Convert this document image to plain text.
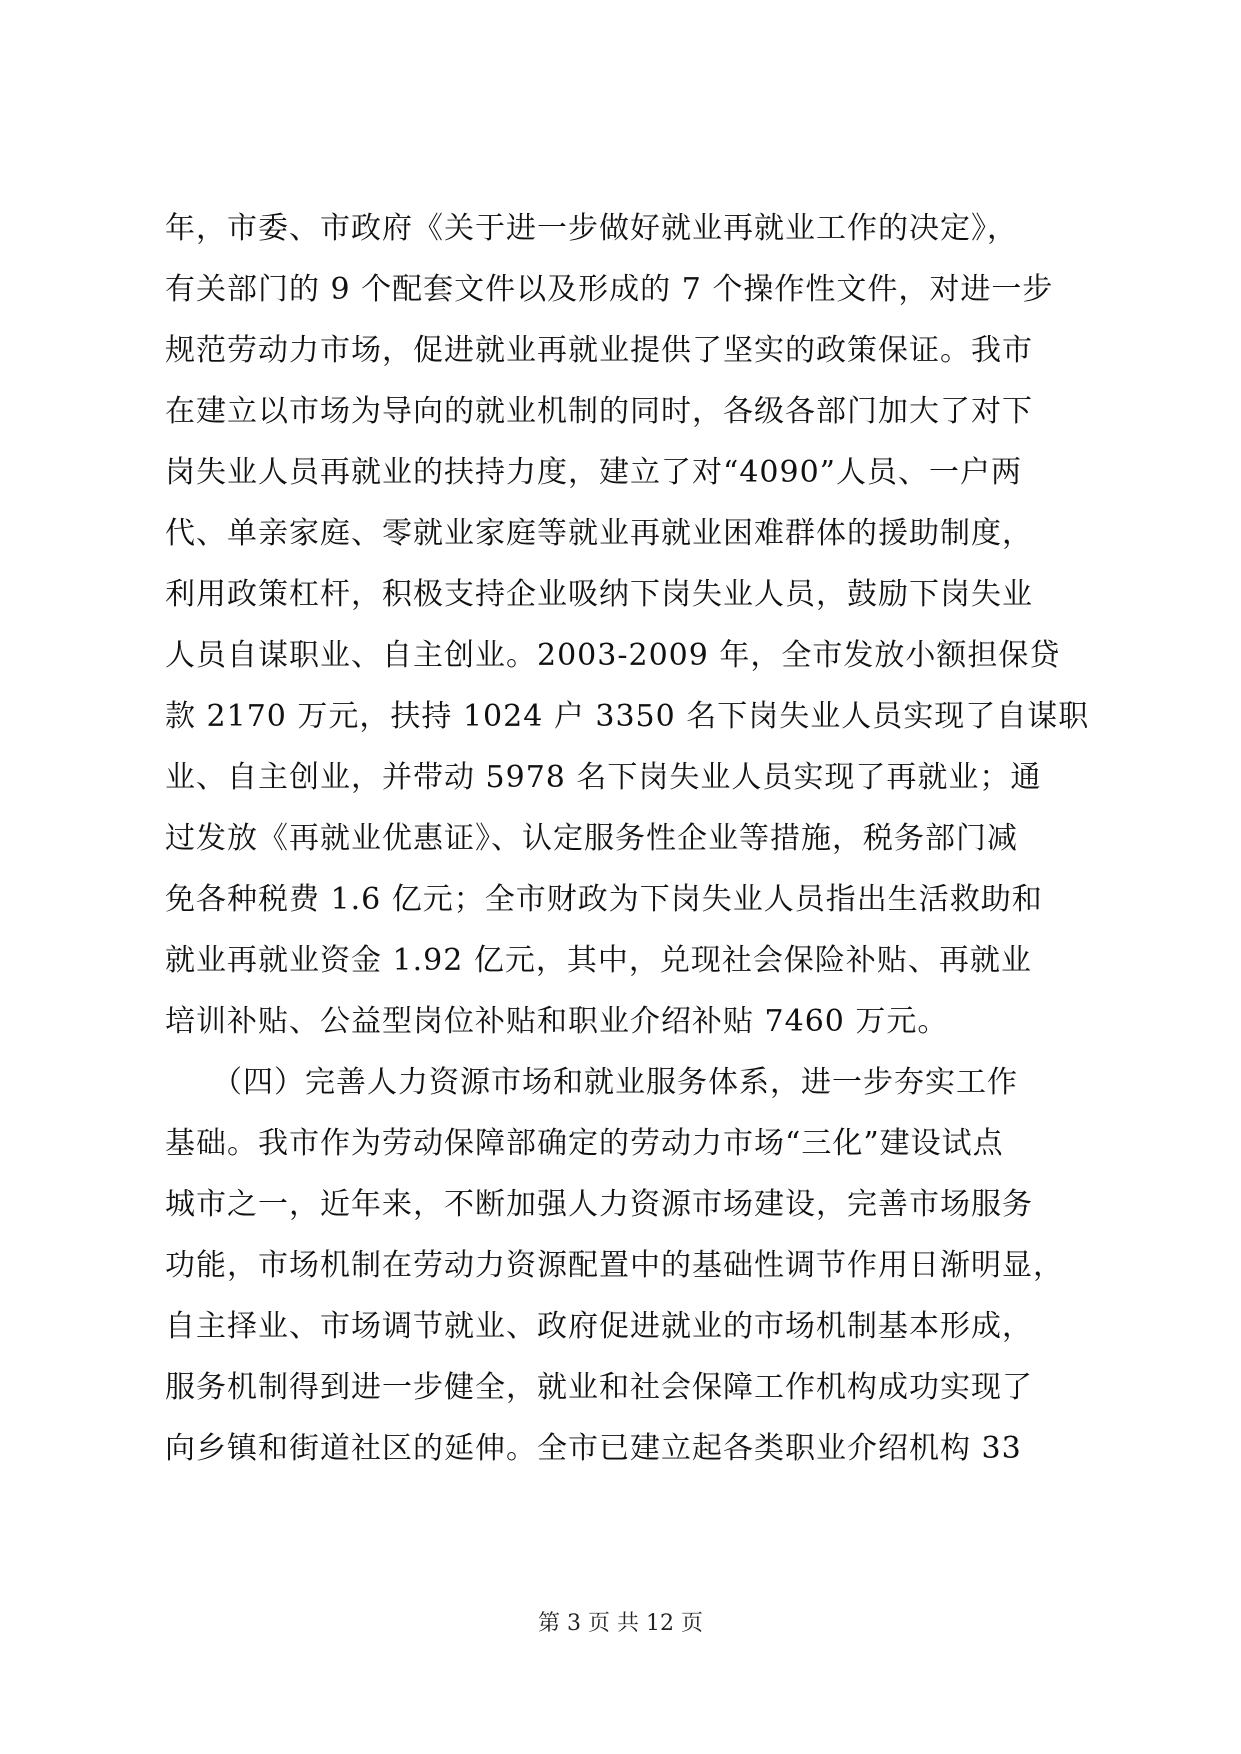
年，市委、市政府《关于进一步做好就业再就业工作的决定》，
有关部门的 9 个配套文件以及形成的 7 个操作性文件，对进一步
规范劳动力市场，促进就业再就业提供了坚实的政策保证。我市
在建立以市场为导向的就业机制的同时，各级各部门加大了对下
岗失业人员再就业的扶持力度，建立了对“4090”人员、一户两
代、单亲家庭、零就业家庭等就业再就业困难群体的援助制度，
利用政策杠杆，积极支持企业吸纳下岗失业人员，鼓励下岗失业
人员自谋职业、自主创业。2003-2009 年，全市发放小额担保贷
款 2170 万元，扶持 1024 户 3350 名下岗失业人员实现了自谋职
业、自主创业，并带动 5978 名下岗失业人员实现了再就业；通
过发放《再就业优惠证》、认定服务性企业等措施，税务部门减
免各种税费 1.6 亿元；全市财政为下岗失业人员指出生活救助和
就业再就业资金 1.92 亿元，其中，兑现社会保险补贴、再就业
培训补贴、公益型岗位补贴和职业介绍补贴 7460 万元。
　　（四）完善人力资源市场和就业服务体系，进一步夯实工作
基础。我市作为劳动保障部确定的劳动力市场“三化”建设试点
城市之一，近年来，不断加强人力资源市场建设，完善市场服务
功能，市场机制在劳动力资源配置中的基础性调节作用日渐明显，
自主择业、市场调节就业、政府促进就业的市场机制基本形成，
服务机制得到进一步健全，就业和社会保障工作机构成功实现了
向乡镇和街道社区的延伸。全市已建立起各类职业介绍机构 33
第 3 页 共 12 页
